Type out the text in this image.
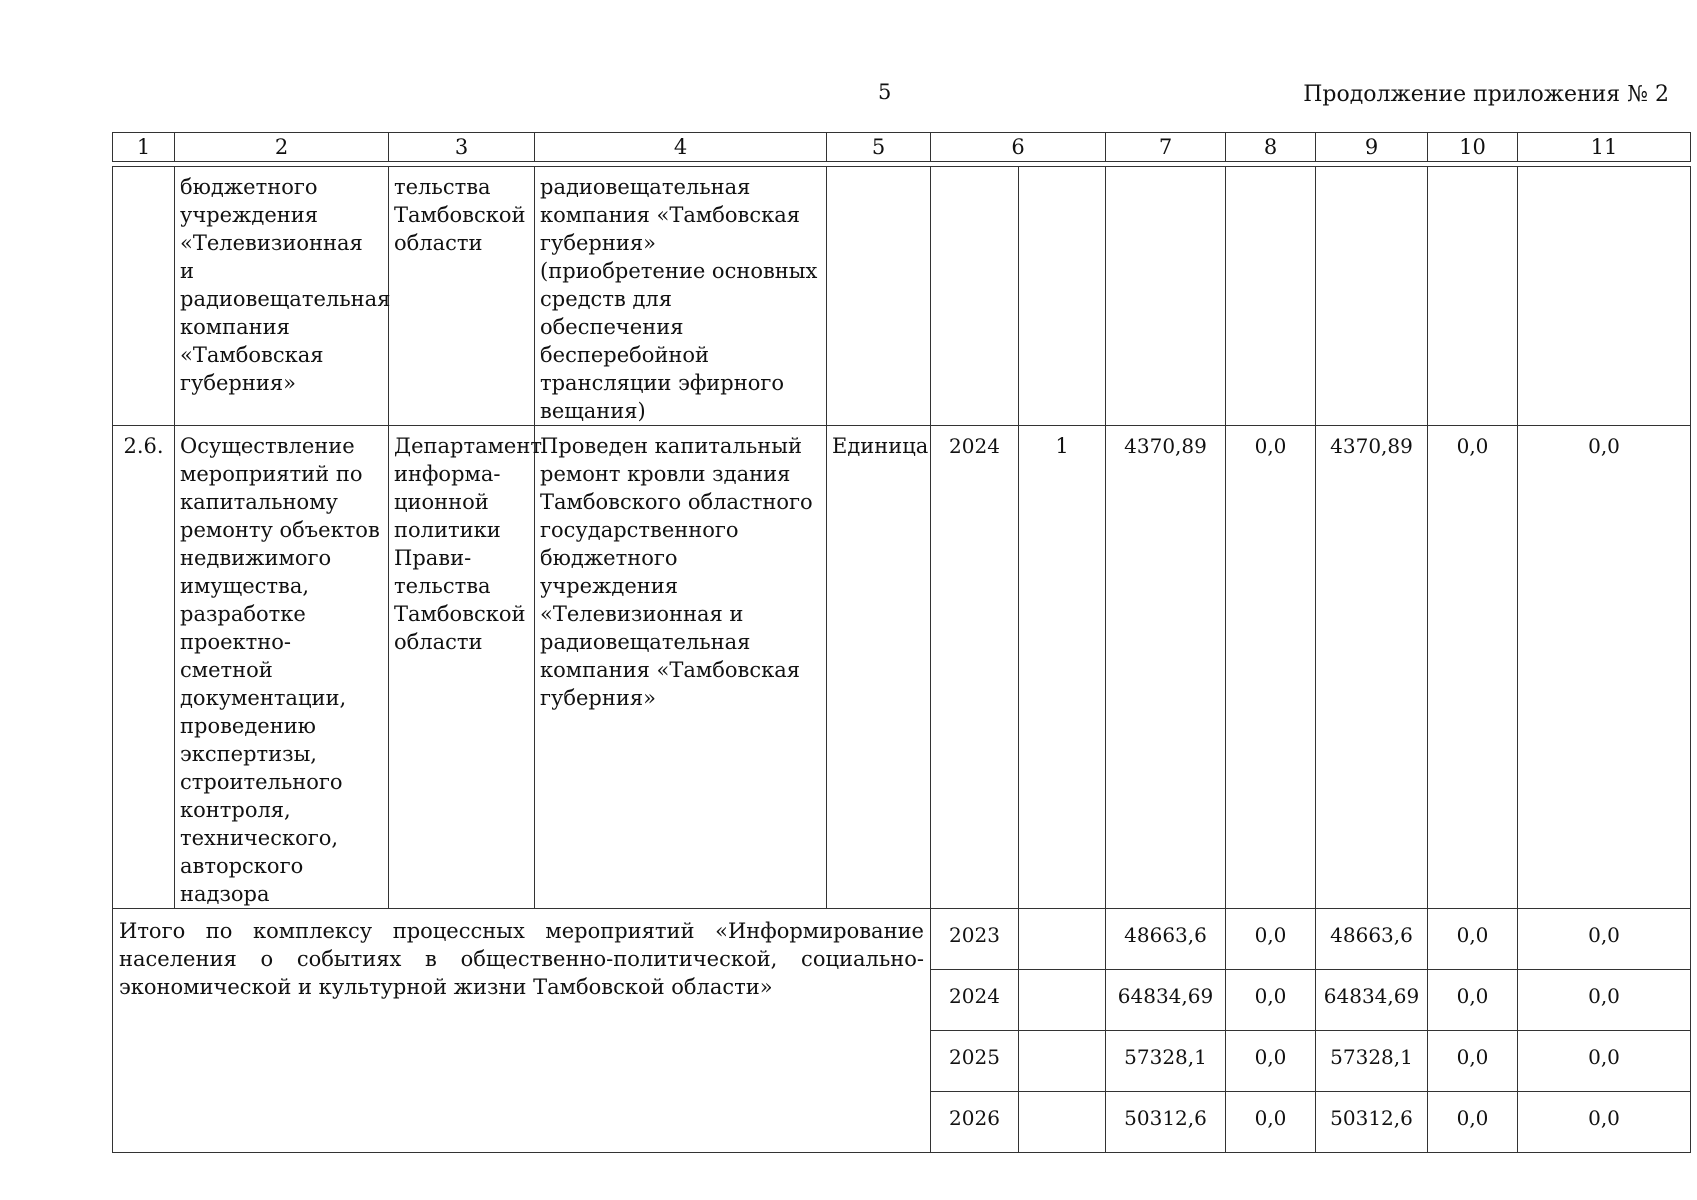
5	Продолжение приложения № 2
1	2	3	4	5	6		7	8	9	10	11

	бюджетного учреждения «Телевизионная и радиовещательная компания «Тамбовская губерния»	тельства Тамбовской области	радиовещательная компания «Тамбовская губерния» (приобретение основных средств для обеспечения бесперебойной трансляции эфирного вещания)								
2.6.	Осуществление мероприятий по капитальному ремонту объектов недвижимого имущества, разработке проектно-сметной документации, проведению экспертизы, строительного контроля, технического, авторского надзора	Департамент информа-ционной политики Прави-тельства Тамбовской области	Проведен капитальный ремонт кровли здания Тамбовского областного государственного бюджетного учреждения «Телевизионная и радиовещательная компания «Тамбовская губерния»	Единица	2024	1	4370,89	0,0	4370,89	0,0	0,0
Итого по комплексу процессных мероприятий «Информирование населения о событиях в общественно-политической, социально-экономической и культурной жизни Тамбовской области»					2023		48663,6	0,0	48663,6	0,0	0,0
					2024		64834,69	0,0	64834,69	0,0	0,0
					2025		57328,1	0,0	57328,1	0,0	0,0
					2026		50312,6	0,0	50312,6	0,0	0,0
